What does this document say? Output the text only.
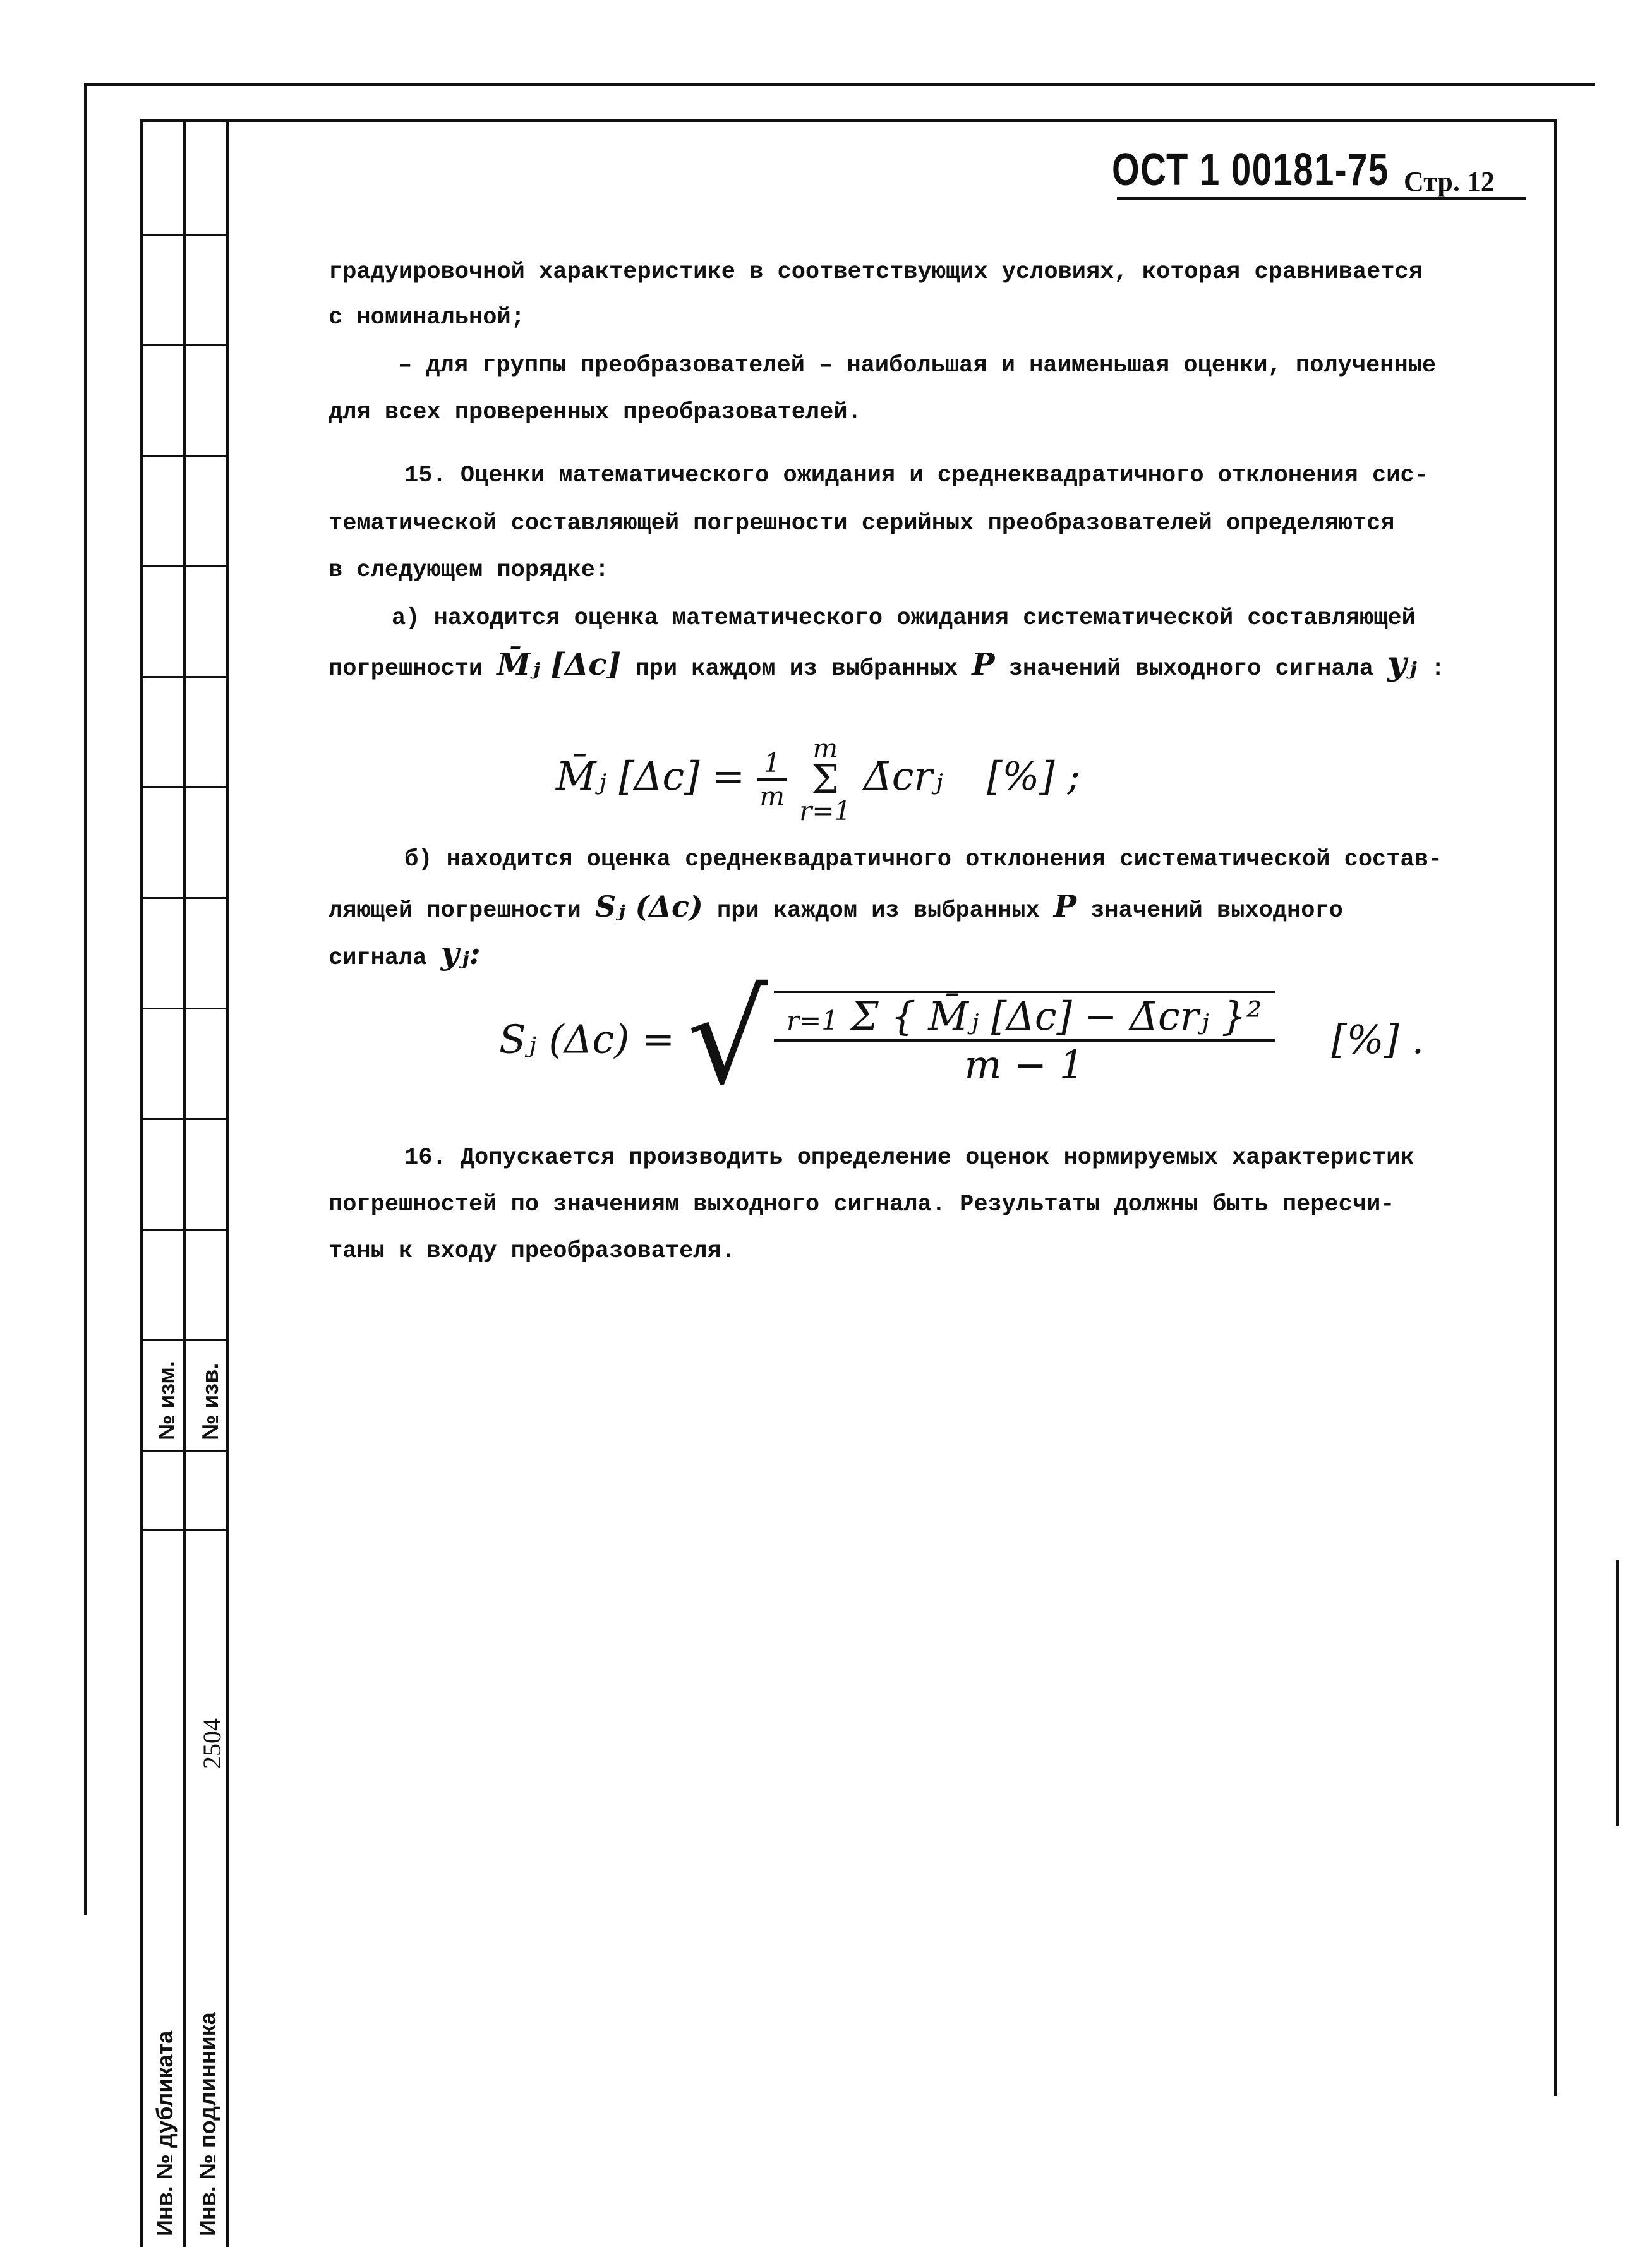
№ изм. № изв.
2504
Инв. № дубликата Инв. № подлинника
ОСТ 1 00181-75 Стр. 12
градуировочной характеристике в соответствующих условиях, которая сравнивается
с номинальной;
– для группы преобразователей – наибольшая и наименьшая оценки, полученные
для всех проверенных преобразователей.
15. Оценки математического ожидания и среднеквадратичного отклонения сис-
тематической составляющей погрешности серийных преобразователей определяются
в следующем порядке:
а) находится оценка математического ожидания систематической составляющей
погрешности M̄ⱼ [Δc] при каждом из выбранных P значений выходного сигнала yⱼ :
M̄ⱼ $[\Delta c] = \frac{1}{m}$
m
Σ
r=1
Δ̄crⱼ [%] ;
б) находится оценка среднеквадратичного отклонения систематической состав-
ляющей погрешности Sⱼ (Δc) при каждом из выбранных P значений выходного
сигнала yⱼ:
Sⱼ (Δc) = √ $\frac{\text{r=1 Σ \{ M̄ⱼ [Δc] − Δ̄crⱼ \}²}}{m - 1}$ [%] .
16. Допускается производить определение оценок нормируемых характеристик
погрешностей по значениям выходного сигнала. Результаты должны быть пересчи-
таны к входу преобразователя.
